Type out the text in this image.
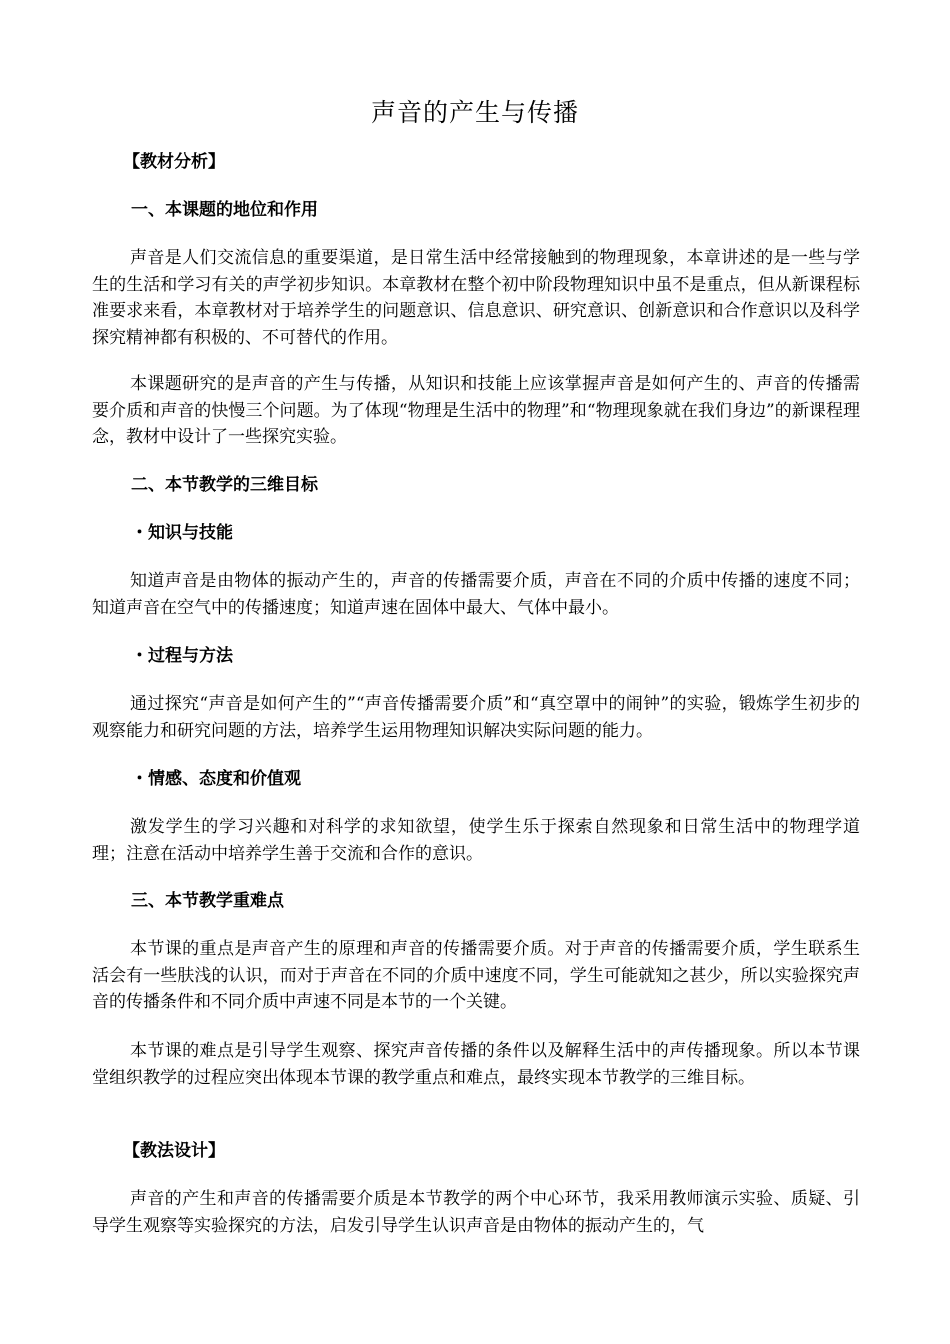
声音的产生与传播
【教材分析】
一、本课题的地位和作用

声音是人们交流信息的重要渠道，是日常生活中经常接触到的物理现象，本章讲述的是一些与学生的生活和学习有关的声学初步知识。本章教材在整个初中阶段物理知识中虽不是重点，但从新课程标准要求来看，本章教材对于培养学生的问题意识、信息意识、研究意识、创新意识和合作意识以及科学探究精神都有积极的、不可替代的作用。

本课题研究的是声音的产生与传播，从知识和技能上应该掌握声音是如何产生的、声音的传播需要介质和声音的快慢三个问题。为了体现“物理是生活中的物理”和“物理现象就在我们身边”的新课程理念，教材中设计了一些探究实验。

二、本节教学的三维目标
・知识与技能

知道声音是由物体的振动产生的，声音的传播需要介质，声音在不同的介质中传播的速度不同；知道声音在空气中的传播速度；知道声速在固体中最大、气体中最小。

・过程与方法

通过探究“声音是如何产生的”“声音传播需要介质”和“真空罩中的闹钟”的实验，锻炼学生初步的观察能力和研究问题的方法，培养学生运用物理知识解决实际问题的能力。

・情感、态度和价值观

激发学生的学习兴趣和对科学的求知欲望，使学生乐于探索自然现象和日常生活中的物理学道理；注意在活动中培养学生善于交流和合作的意识。

三、本节教学重难点

本节课的重点是声音产生的原理和声音的传播需要介质。对于声音的传播需要介质，学生联系生活会有一些肤浅的认识，而对于声音在不同的介质中速度不同，学生可能就知之甚少，所以实验探究声音的传播条件和不同介质中声速不同是本节的一个关键。

本节课的难点是引导学生观察、探究声音传播的条件以及解释生活中的声传播现象。所以本节课堂组织教学的过程应突出体现本节课的教学重点和难点，最终实现本节教学的三维目标。

【教法设计】

声音的产生和声音的传播需要介质是本节教学的两个中心环节，我采用教师演示实验、质疑、引导学生观察等实验探究的方法，启发引导学生认识声音是由物体的振动产生的，气
